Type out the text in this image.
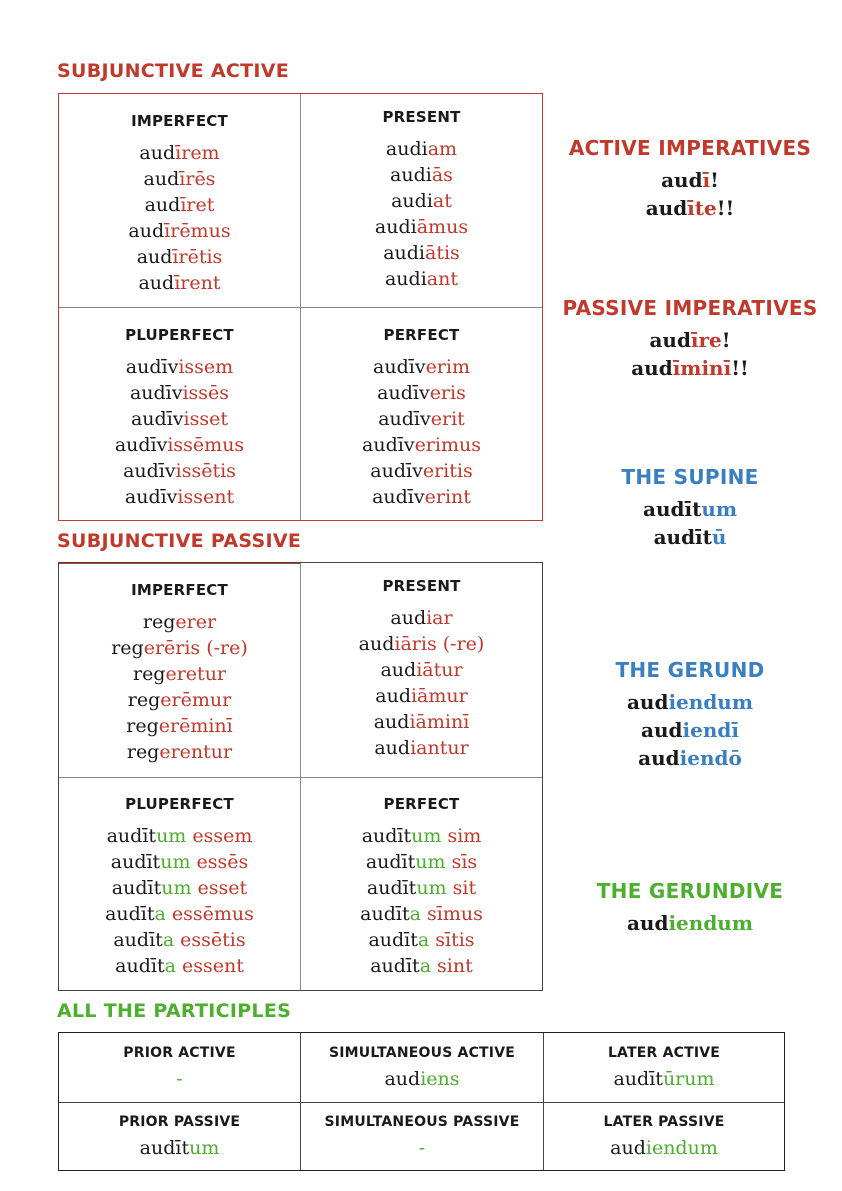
SUBJUNCTIVE ACTIVE
IMPERFECT
audīrem
audīrēs
audīret
audīrēmus
audīrētis
audīrent
PRESENT
audiam
audiās
audiat
audiāmus
audiātis
audiant
PLUPERFECT
audīvissem
audīvissēs
audīvisset
audīvissēmus
audīvissētis
audīvissent
PERFECT
audīverim
audīveris
audīverit
audīverimus
audīveritis
audīverint
SUBJUNCTIVE PASSIVE
IMPERFECT
regerer
regerēris (-re)
regeretur
regerēmur
regerēminī
regerentur
PRESENT
audiar
audiāris (-re)
audiātur
audiāmur
audiāminī
audiantur
PLUPERFECT
audītum essem
audītum essēs
audītum esset
audīta essēmus
audīta essētis
audīta essent
PERFECT
audītum sim
audītum sīs
audītum sit
audīta sīmus
audīta sītis
audīta sint
ACTIVE IMPERATIVES
audī!
audīte!!
PASSIVE IMPERATIVES
audīre!
audīminī!!
THE SUPINE
audītum
audītū
THE GERUND
audiendum
audiendī
audiendō
THE GERUNDIVE
audiendum
ALL THE PARTICIPLES
PRIOR ACTIVE
-
SIMULTANEOUS ACTIVE
audiens
LATER ACTIVE
audītūrum
PRIOR PASSIVE
audītum
SIMULTANEOUS PASSIVE
-
LATER PASSIVE
audiendum
